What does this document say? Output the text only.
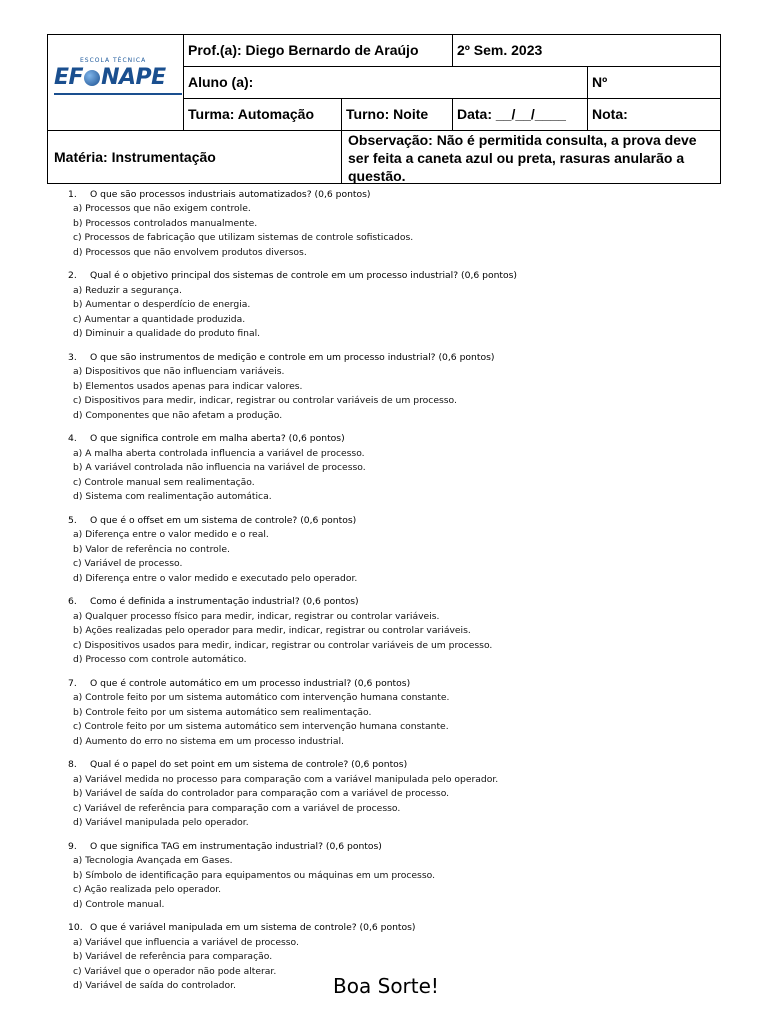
ESCOLA TÉCNICA
EF NAPE
Prof.(a): Diego Bernardo de Araújo	2º Sem. 2023
Aluno (a):	Nº
Turma: Automação	Turno: Noite	Data: __/__/____	Nota:
Matéria: Instrumentação
Observação: Não é permitida consulta, a prova deve ser feita a caneta azul ou preta, rasuras anularão a questão.
1. O que são processos industriais automatizados? (0,6 pontos)
a) Processos que não exigem controle.
b) Processos controlados manualmente.
c) Processos de fabricação que utilizam sistemas de controle sofisticados.
d) Processos que não envolvem produtos diversos.
2. Qual é o objetivo principal dos sistemas de controle em um processo industrial? (0,6 pontos)
a) Reduzir a segurança.
b) Aumentar o desperdício de energia.
c) Aumentar a quantidade produzida.
d) Diminuir a qualidade do produto final.
3. O que são instrumentos de medição e controle em um processo industrial? (0,6 pontos)
a) Dispositivos que não influenciam variáveis.
b) Elementos usados apenas para indicar valores.
c) Dispositivos para medir, indicar, registrar ou controlar variáveis de um processo.
d) Componentes que não afetam a produção.
4. O que significa controle em malha aberta? (0,6 pontos)
a) A malha aberta controlada influencia a variável de processo.
b) A variável controlada não influencia na variável de processo.
c) Controle manual sem realimentação.
d) Sistema com realimentação automática.
5. O que é o offset em um sistema de controle? (0,6 pontos)
a) Diferença entre o valor medido e o real.
b) Valor de referência no controle.
c) Variável de processo.
d) Diferença entre o valor medido e executado pelo operador.
6. Como é definida a instrumentação industrial? (0,6 pontos)
a) Qualquer processo físico para medir, indicar, registrar ou controlar variáveis.
b) Ações realizadas pelo operador para medir, indicar, registrar ou controlar variáveis.
c) Dispositivos usados para medir, indicar, registrar ou controlar variáveis de um processo.
d) Processo com controle automático.
7. O que é controle automático em um processo industrial? (0,6 pontos)
a) Controle feito por um sistema automático com intervenção humana constante.
b) Controle feito por um sistema automático sem realimentação.
c) Controle feito por um sistema automático sem intervenção humana constante.
d) Aumento do erro no sistema em um processo industrial.
8. Qual é o papel do set point em um sistema de controle? (0,6 pontos)
a) Variável medida no processo para comparação com a variável manipulada pelo operador.
b) Variável de saída do controlador para comparação com a variável de processo.
c) Variável de referência para comparação com a variável de processo.
d) Variável manipulada pelo operador.
9. O que significa TAG em instrumentação industrial? (0,6 pontos)
a) Tecnologia Avançada em Gases.
b) Símbolo de identificação para equipamentos ou máquinas em um processo.
c) Ação realizada pelo operador.
d) Controle manual.
10. O que é variável manipulada em um sistema de controle? (0,6 pontos)
a) Variável que influencia a variável de processo.
b) Variável de referência para comparação.
c) Variável que o operador não pode alterar.
d) Variável de saída do controlador.	Boa Sorte!
